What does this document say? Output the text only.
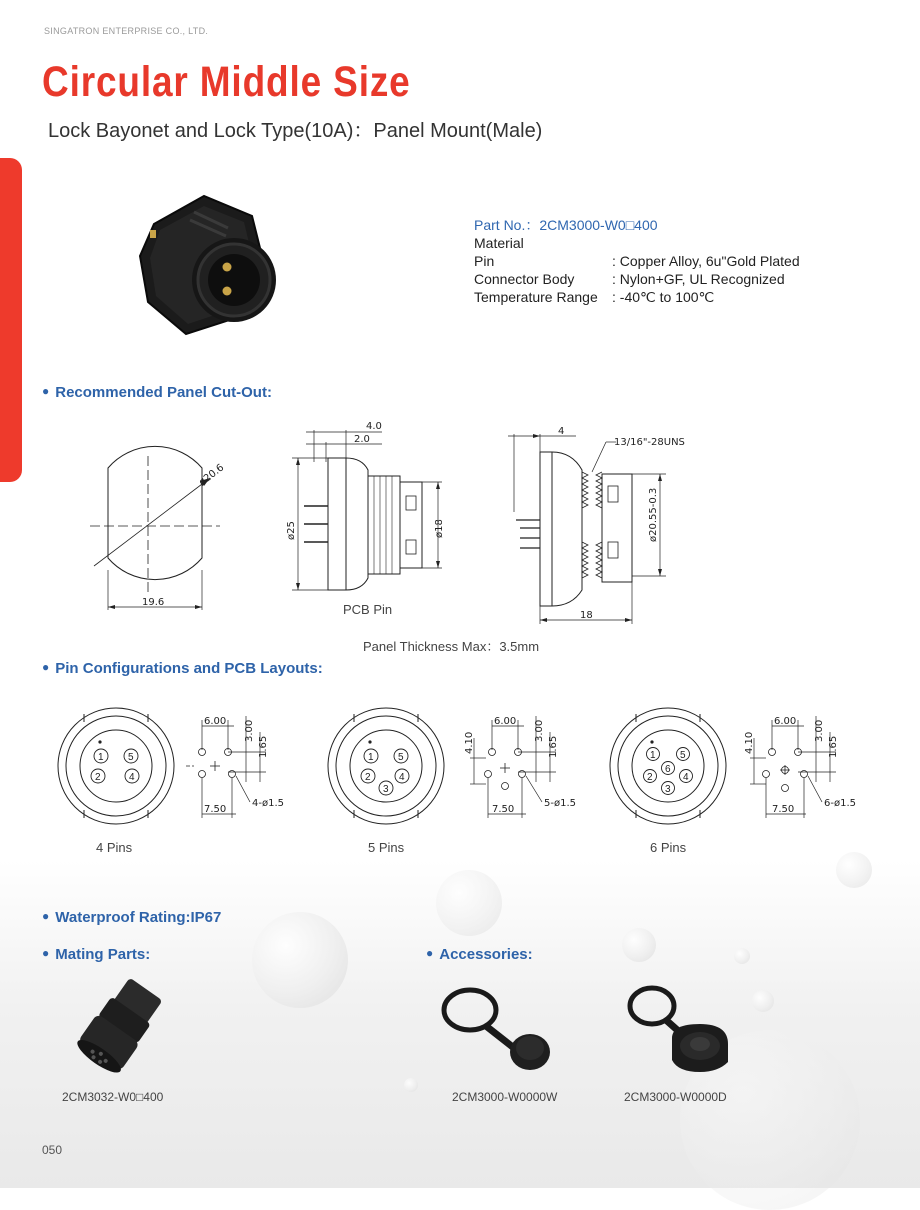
SINGATRON ENTERPRISE CO., LTD.
Circular Middle Size
Lock Bayonet and Lock Type(10A)：Panel Mount(Male)
Part No.：2CM3000-W0□400
Material
Pin	: Copper Alloy, 6u"Gold Plated
Connector Body	: Nylon+GF, UL Recognized
Temperature Range	: -40℃ to 100℃
● Recommended Panel Cut-Out:
ø20.6
19.6
4.0
2.0
ø25	ø18
PCB Pin
4
13/16"-28UNS
ø20.55-0.3
18
Panel Thickness Max：3.5mm
● Pin Configurations and PCB Layouts:
1 5
2	4
6.00 3.00
1.65
7.50
4-ø1.5
4 Pins
1 5
2	4
3
4.10
6.00 3.00
1.65
7.50
5-ø1.5
5 Pins
1 5
6
2	4
3
4.10
6.00 3.00
1.65
7.50
6-ø1.5
6 Pins
● Waterproof Rating:IP67
● Mating Parts:	● Accessories:
2CM3032-W0□400	2CM3000-W0000W	2CM3000-W0000D
050
